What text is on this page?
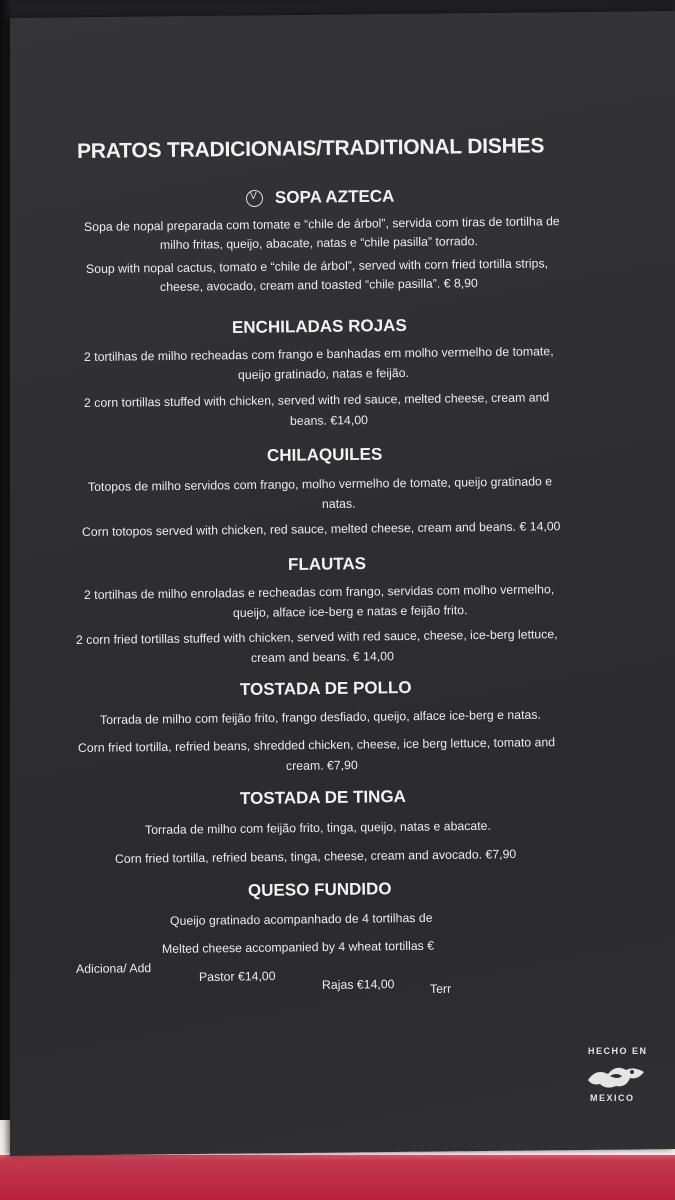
PRATOS TRADICIONAIS/TRADITIONAL DISHES
V
SOPA AZTECA
Sopa de nopal preparada com tomate e “chile de árbol”, servida com tiras de tortilha de
milho fritas, queijo, abacate, natas e “chile pasilla” torrado.
Soup with nopal cactus, tomato e “chile de árbol”, served with corn fried tortilla strips,
cheese, avocado, cream and toasted “chile pasilla”. € 8,90
ENCHILADAS ROJAS
2 tortilhas de milho recheadas com frango e banhadas em molho vermelho de tomate,
queijo gratinado, natas e feijão.
2 corn tortillas stuffed with chicken, served with red sauce, melted cheese, cream and
beans. €14,00
CHILAQUILES
Totopos de milho servidos com frango, molho vermelho de tomate, queijo gratinado e
natas.
Corn totopos served with chicken, red sauce, melted cheese, cream and beans. € 14,00
FLAUTAS
2 tortilhas de milho enroladas e recheadas com frango, servidas com molho vermelho,
queijo, alface ice-berg e natas e feijão frito.
2 corn fried tortillas stuffed with chicken, served with red sauce, cheese, ice-berg lettuce,
cream and beans. € 14,00
TOSTADA DE POLLO
Torrada de milho com feijão frito, frango desfiado, queijo, alface ice-berg e natas.
Corn fried tortilla, refried beans, shredded chicken, cheese, ice berg lettuce, tomato and
cream. €7,90
TOSTADA DE TINGA
Torrada de milho com feijão frito, tinga, queijo, natas e abacate.
Corn fried tortilla, refried beans, tinga, cheese, cream and avocado. €7,90
QUESO FUNDIDO
Queijo gratinado acompanhado de 4 tortilhas de
Melted cheese accompanied by 4 wheat tortillas €
Adiciona/ Add
Pastor €14,00
Rajas €14,00	Terr
HECHO EN
MEXICO
